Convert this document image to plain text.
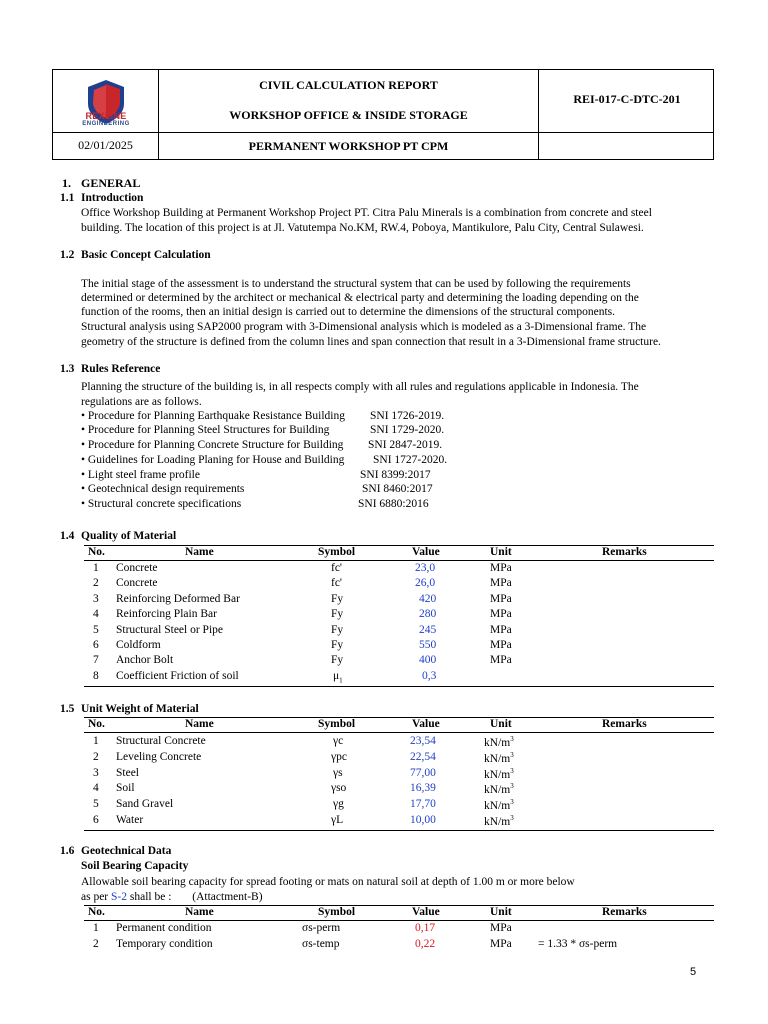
REXLINE
ENGINEERING
CIVIL CALCULATION REPORT
WORKSHOP OFFICE & INSIDE STORAGE
REI-017-C-DTC-201
02/01/2025	PERMANENT WORKSHOP PT CPM
1. GENERAL
1.1 Introduction
Office Workshop Building at Permanent Workshop Project PT. Citra Palu Minerals is a combination from concrete and steel
building. The location of this project is at Jl. Vatutempa No.KM, RW.4, Poboya, Mantikulore, Palu City, Central Sulawesi.
1.2 Basic Concept Calculation
The initial stage of the assessment is to understand the structural system that can be used by following the requirements
determined or determined by the architect or mechanical & electrical party and determining the loading depending on the
function of the rooms, then an initial design is carried out to determine the dimensions of the structural components.
Structural analysis using SAP2000 program with 3-Dimensional analysis which is modeled as a 3-Dimensional frame. The
geometry of the structure is defined from the column lines and span connection that result in a 3-Dimensional frame structure.
1.3 Rules Reference
Planning the structure of the building is, in all respects comply with all rules and regulations applicable in Indonesia. The
regulations are as follows.
• Procedure for Planning Earthquake Resistance Building SNI 1726-2019.
• Procedure for Planning Steel Structures for Building	SNI 1729-2020.
• Procedure for Planning Concrete Structure for Building SNI 2847-2019.
• Guidelines for Loading Planing for House and Building SNI 1727-2020.
• Light steel frame profile	SNI 8399:2017
• Geotechnical design requirements	SNI 8460:2017
• Structural concrete specifications	SNI 6880:2016
1.4 Quality of Material
No.	Name	Symbol	Value	Unit	Remarks
1 Concrete	fc'	23,0	MPa
2 Concrete	fc'	26,0	MPa
3 Reinforcing Deformed Bar	Fy	420	MPa
4 Reinforcing Plain Bar	Fy	280	MPa
5 Structural Steel or Pipe	Fy	245	MPa
6 Coldform	Fy	550	MPa
7 Anchor Bolt	Fy	400	MPa
8 Coefficient Friction of soil	$\mu_1$	0,3
1.5 Unit Weight of Material
No.	Name	Symbol	Value	Unit	Remarks
1 Structural Concrete	γc	23,54	$kN/m^3$
2 Leveling Concrete	γpc	22,54	$kN/m^3$
3 Steel	γs	77,00	$kN/m^3$
4 Soil	γso	16,39	$kN/m^3$
5 Sand Gravel	γg	17,70	$kN/m^3$
6 Water	γL	10,00	$kN/m^3$
1.6 Geotechnical Data
Soil Bearing Capacity
Allowable soil bearing capacity for spread footing or mats on natural soil at depth of 1.00 m or more below
as per S-2 shall be : (Attactment-B)
No.	Name	Symbol	Value	Unit	Remarks
1 Permanent condition	σs-perm	0,17	MPa
2 Temporary condition	σs-temp	0,22	MPa = 1.33 * σs-perm
5
